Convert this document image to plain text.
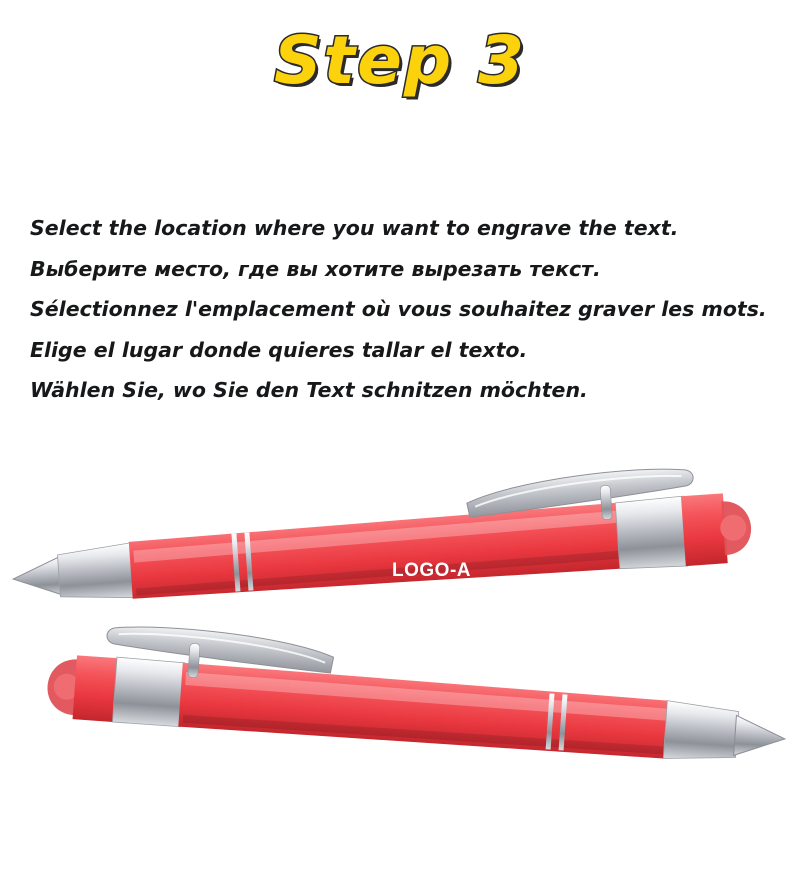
Step 3
Select the location where you want to engrave the text.
Выберите место, где вы хотите вырезать текст.
Sélectionnez l'emplacement où vous souhaitez graver les mots.
Elige el lugar donde quieres tallar el texto.
Wählen Sie, wo Sie den Text schnitzen möchten.
LOGO-A
LOGO-D
